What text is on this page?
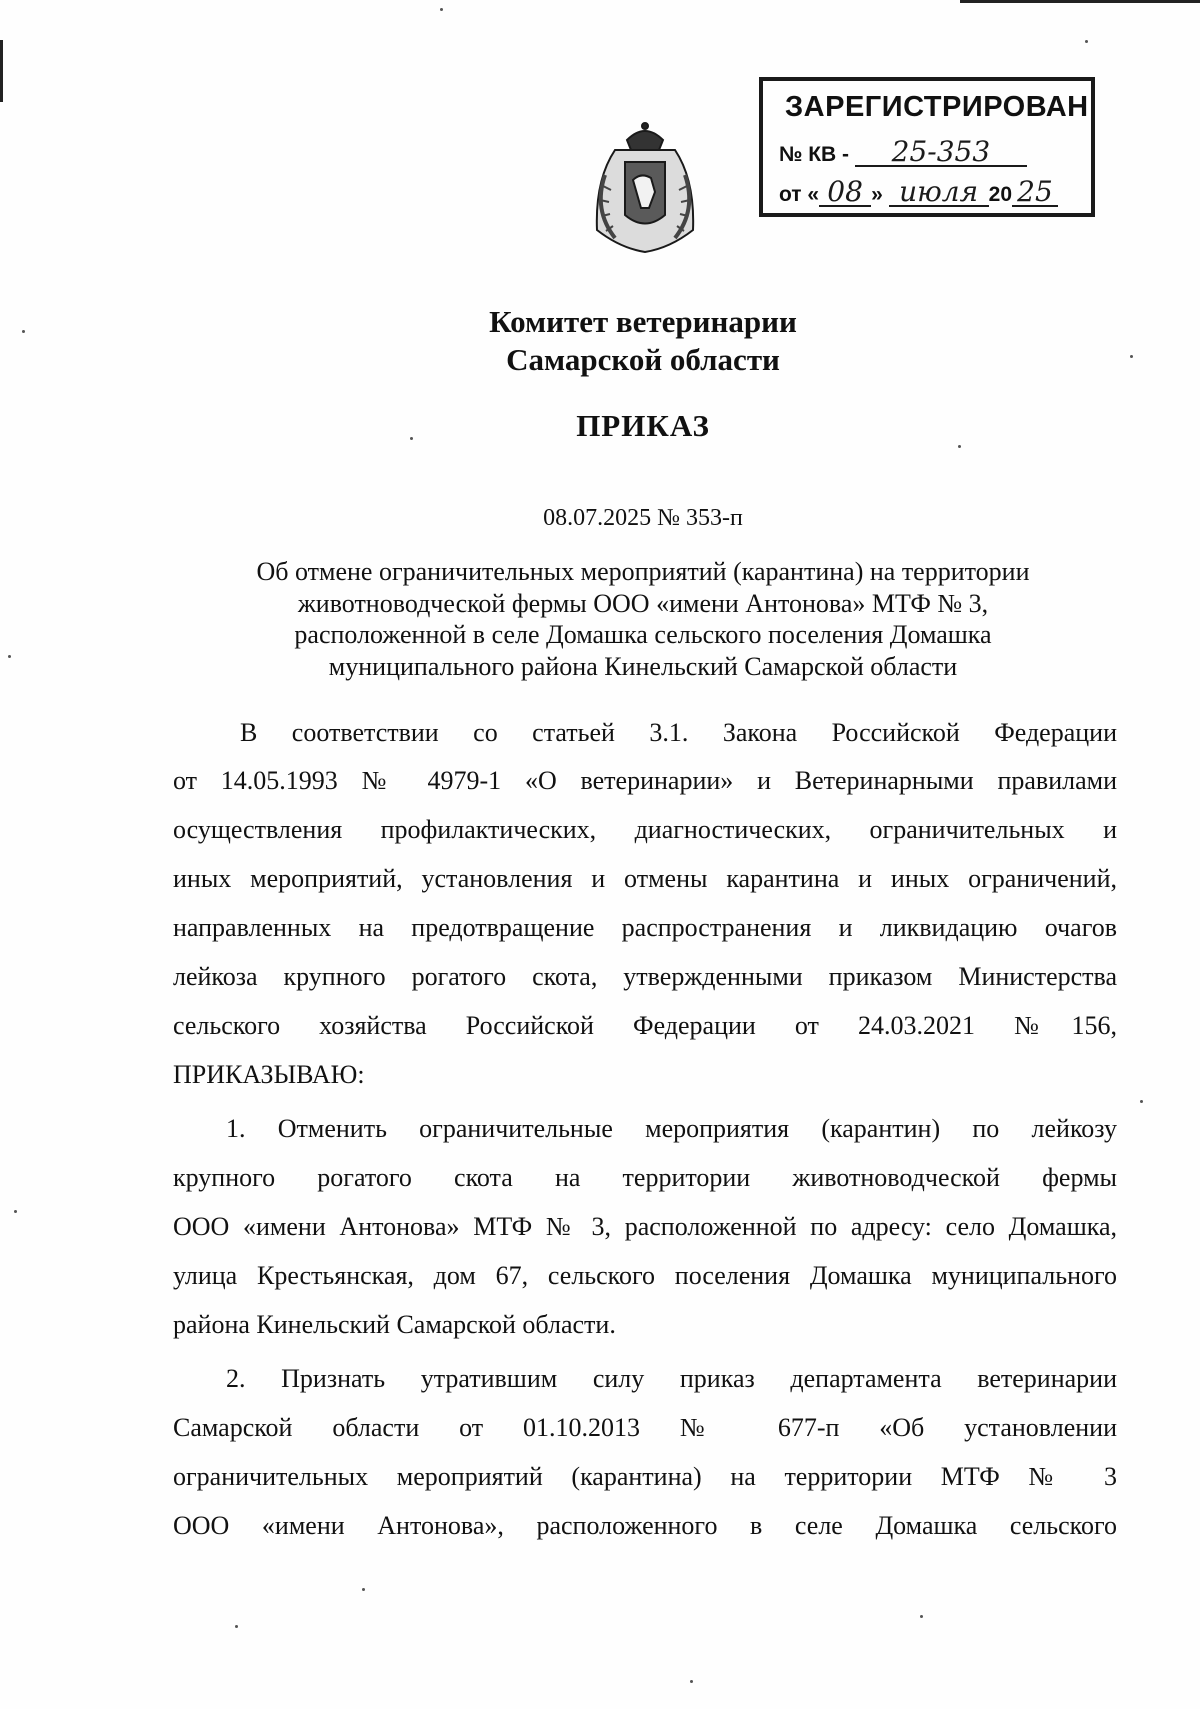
ЗАРЕГИСТРИРОВАН
№ КВ - 25-353
от « 08 » июля 20 25
Комитет ветеринарии
Самарской области
ПРИКАЗ
08.07.2025 № 353-п
Об отмене ограничительных мероприятий (карантина) на территории
животноводческой фермы ООО «имени Антонова» МТФ № 3,
расположенной в селе Домашка сельского поселения Домашка
муниципального района Кинельский Самарской области
В соответствии со статьей 3.1. Закона Российской Федерации
от 14.05.1993 № 4979-1 «О ветеринарии» и Ветеринарными правилами
осуществления профилактических, диагностических, ограничительных и
иных мероприятий, установления и отмены карантина и иных ограничений,
направленных на предотвращение распространения и ликвидацию очагов
лейкоза крупного рогатого скота, утвержденными приказом Министерства
сельского хозяйства Российской Федерации от 24.03.2021 №156,
ПРИКАЗЫВАЮ:
1. Отменить ограничительные мероприятия (карантин) по лейкозу
крупного рогатого скота на территории животноводческой фермы
ООО «имени Антонова» МТФ № 3, расположенной по адресу: село Домашка,
улица Крестьянская, дом 67, сельского поселения Домашка муниципального
района Кинельский Самарской области.
2. Признать утратившим силу приказ департамента ветеринарии
Самарской области от 01.10.2013 № 677-п «Об установлении
ограничительных мероприятий (карантина) на территории МТФ № 3
ООО «имени Антонова», расположенного в селе Домашка сельского
